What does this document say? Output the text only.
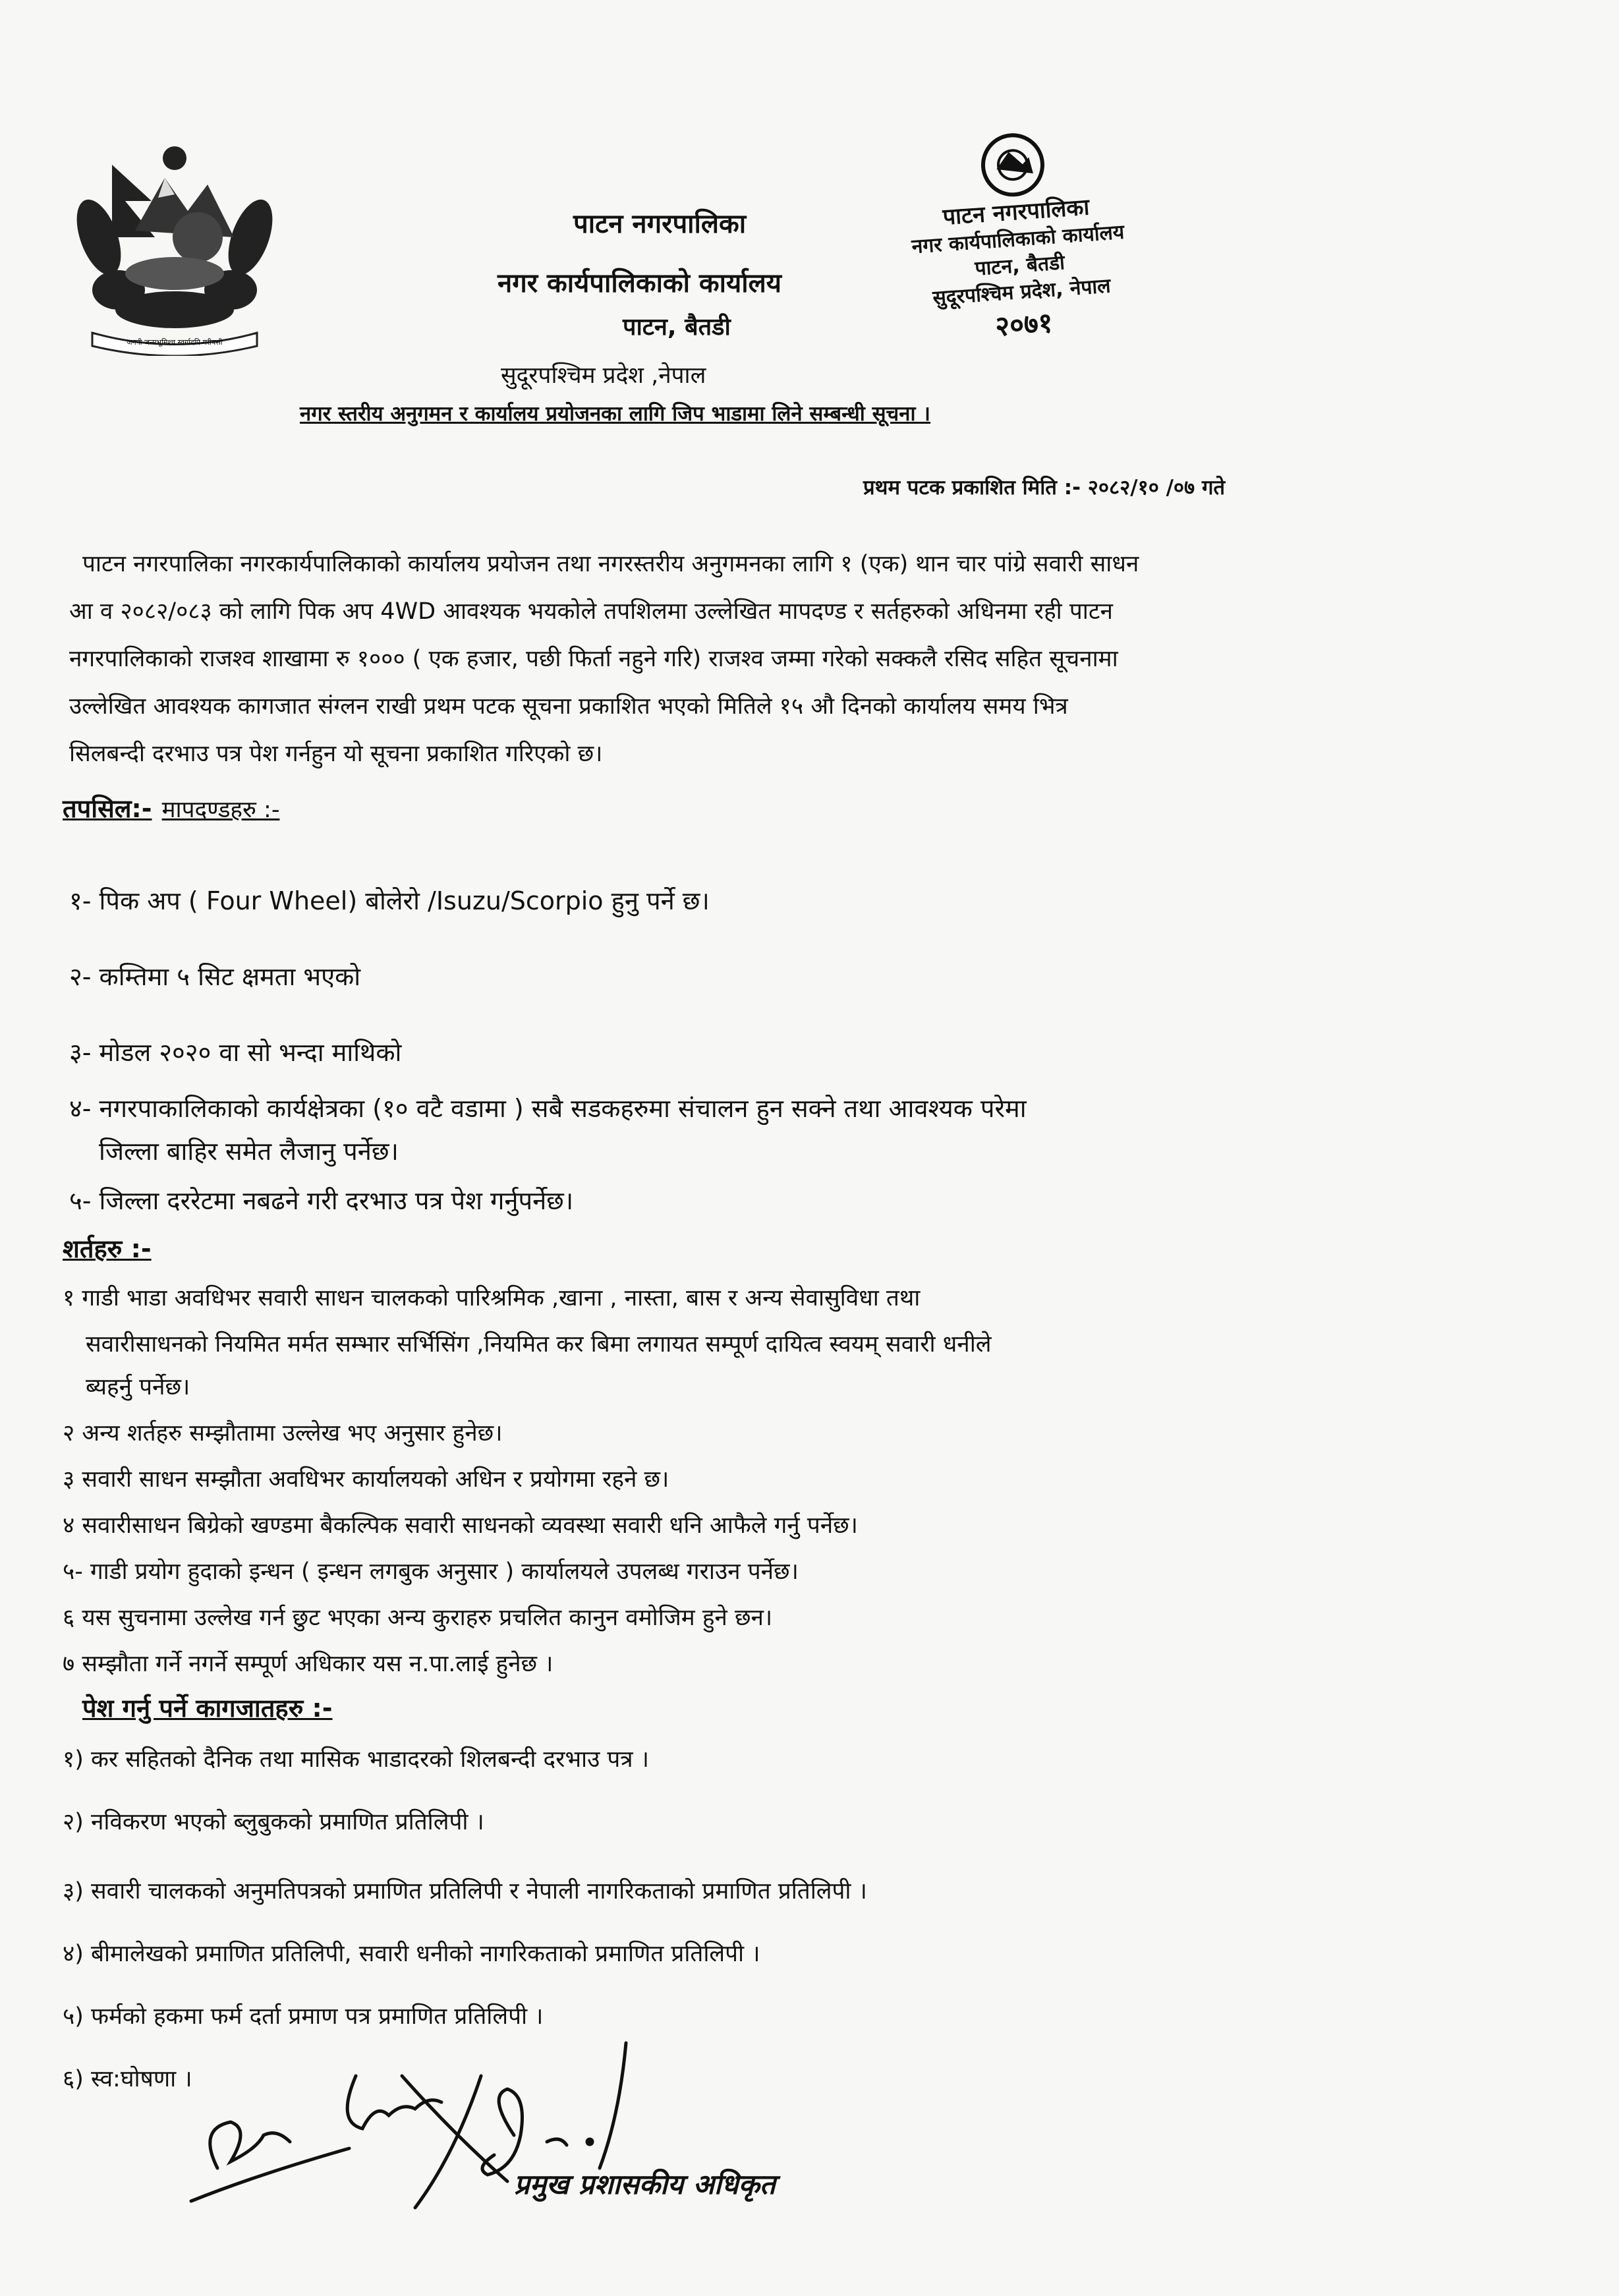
जननी जन्मभूमिश्च स्वर्गादपि गरीयसी
पाटन नगरपालिका
नगर कार्यपालिकाको कार्यालय
पाटन, बैतडी
सुदूरपश्चिम प्रदेश ,नेपाल
नगर स्तरीय अनुगमन र कार्यालय प्रयोजनका लागि जिप भाडामा लिने सम्बन्धी सूचना ।
पाटन नगरपालिका
नगर कार्यपालिकाको कार्यालय
पाटन, बैतडी
सुदूरपश्चिम प्रदेश, नेपाल
२०७१
प्रथम पटक प्रकाशित मिति :- २०८२/१० /०७ गते
पाटन नगरपालिका नगरकार्यपालिकाको कार्यालय प्रयोजन तथा नगरस्तरीय अनुगमनका लागि १ (एक) थान चार पांग्रे सवारी साधन
आ व २०८२/०८३ को लागि पिक अप 4WD आवश्यक भयकोले तपशिलमा उल्लेखित मापदण्ड र सर्तहरुको अधिनमा रही पाटन
नगरपालिकाको राजश्व शाखामा रु १००० ( एक हजार, पछी फिर्ता नहुने गरि) राजश्व जम्मा गरेको सक्कलै रसिद सहित सूचनामा
उल्लेखित आवश्यक कागजात संग्लन राखी प्रथम पटक सूचना प्रकाशित भएको मितिले १५ औ दिनको कार्यालय समय भित्र
सिलबन्दी दरभाउ पत्र पेश गर्नहुन यो सूचना प्रकाशित गरिएको छ।
तपसिल:- मापदण्डहरु :-
१- पिक अप ( Four Wheel) बोलेरो /Isuzu/Scorpio हुनु पर्ने छ।
२- कम्तिमा ५ सिट क्षमता भएको
३- मोडल २०२० वा सो भन्दा माथिको
४- नगरपाकालिकाको कार्यक्षेत्रका (१० वटै वडामा ) सबै सडकहरुमा संचालन हुन सक्ने तथा आवश्यक परेमा
जिल्ला बाहिर समेत लैजानु पर्नेछ।
५- जिल्ला दररेटमा नबढने गरी दरभाउ पत्र पेश गर्नुपर्नेछ।
शर्तहरु :-
१ गाडी भाडा अवधिभर सवारी साधन चालकको पारिश्रमिक ,खाना , नास्ता, बास र अन्य सेवासुविधा तथा
सवारीसाधनको नियमित मर्मत सम्भार सर्भिसिंग ,नियमित कर बिमा लगायत सम्पूर्ण दायित्व स्वयम् सवारी धनीले
ब्यहर्नु पर्नेछ।
२ अन्य शर्तहरु सम्झौतामा उल्लेख भए अनुसार हुनेछ।
३ सवारी साधन सम्झौता अवधिभर कार्यालयको अधिन र प्रयोगमा रहने छ।
४ सवारीसाधन बिग्रेको खण्डमा बैकल्पिक सवारी साधनको व्यवस्था सवारी धनि आफैले गर्नु पर्नेछ।
५- गाडी प्रयोग हुदाको इन्धन ( इन्धन लगबुक अनुसार ) कार्यालयले उपलब्ध गराउन पर्नेछ।
६ यस सुचनामा उल्लेख गर्न छुट भएका अन्य कुराहरु प्रचलित कानुन वमोजिम हुने छन।
७ सम्झौता गर्ने नगर्ने सम्पूर्ण अधिकार यस न.पा.लाई हुनेछ ।
पेश गर्नु पर्ने कागजातहरु :-
१) कर सहितको दैनिक तथा मासिक भाडादरको शिलबन्दी दरभाउ पत्र ।
२) नविकरण भएको ब्लुबुकको प्रमाणित प्रतिलिपी ।
३) सवारी चालकको अनुमतिपत्रको प्रमाणित प्रतिलिपी र नेपाली नागरिकताको प्रमाणित प्रतिलिपी ।
४) बीमालेखको प्रमाणित प्रतिलिपी, सवारी धनीको नागरिकताको प्रमाणित प्रतिलिपी ।
५) फर्मको हकमा फर्म दर्ता प्रमाण पत्र प्रमाणित प्रतिलिपी ।
६) स्व:घोषणा ।
प्रमुख प्रशासकीय अधिकृत
